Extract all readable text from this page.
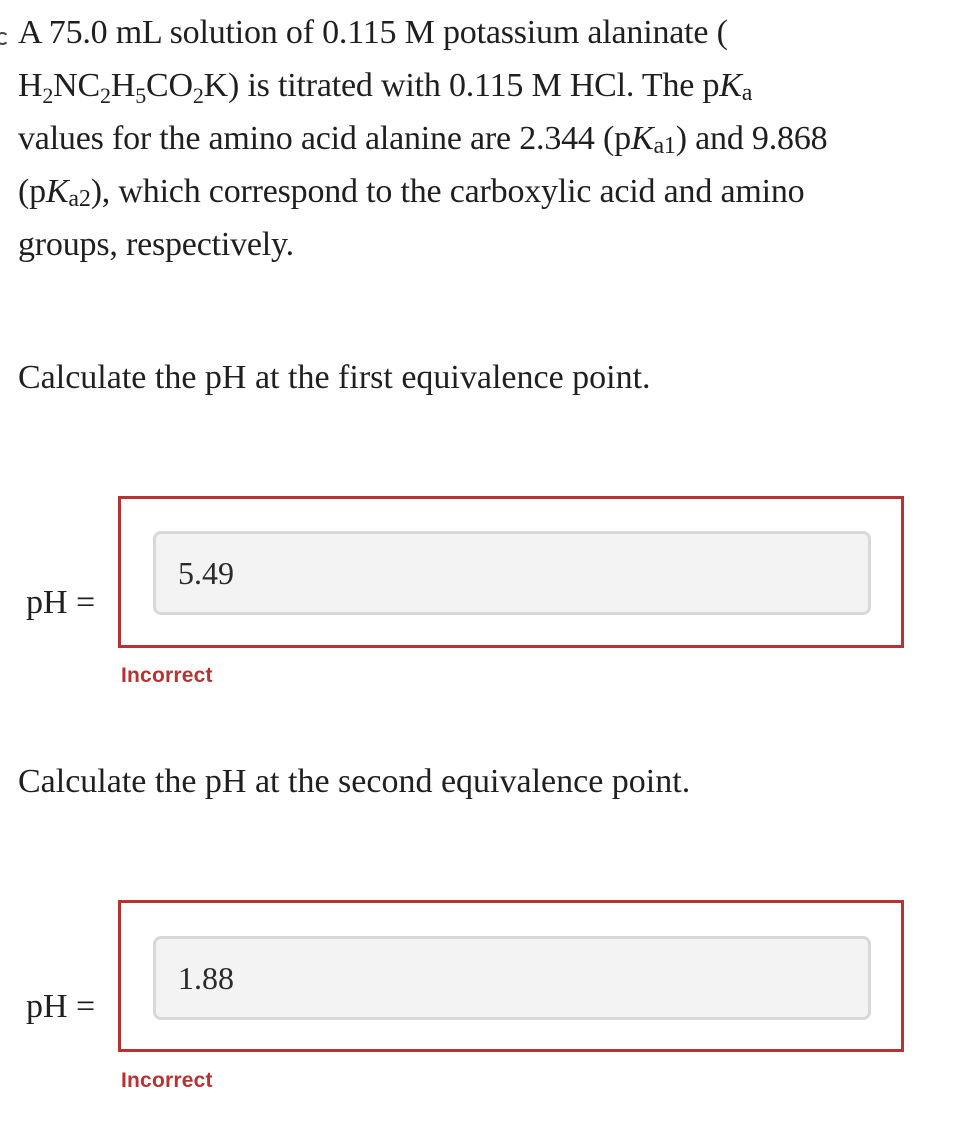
A 75.0 mL solution of 0.115 M potassium alaninate (
$H_2NC_2H_5CO_2K$) is titrated with 0.115 M HCl. The pKa
values for the amino acid alanine are 2.344 (pKa1) and 9.868
(pKa2), which correspond to the carboxylic acid and amino
groups, respectively.
Calculate the pH at the first equivalence point.
pH =
5.49
Incorrect
Calculate the pH at the second equivalence point.
pH =
1.88
Incorrect
